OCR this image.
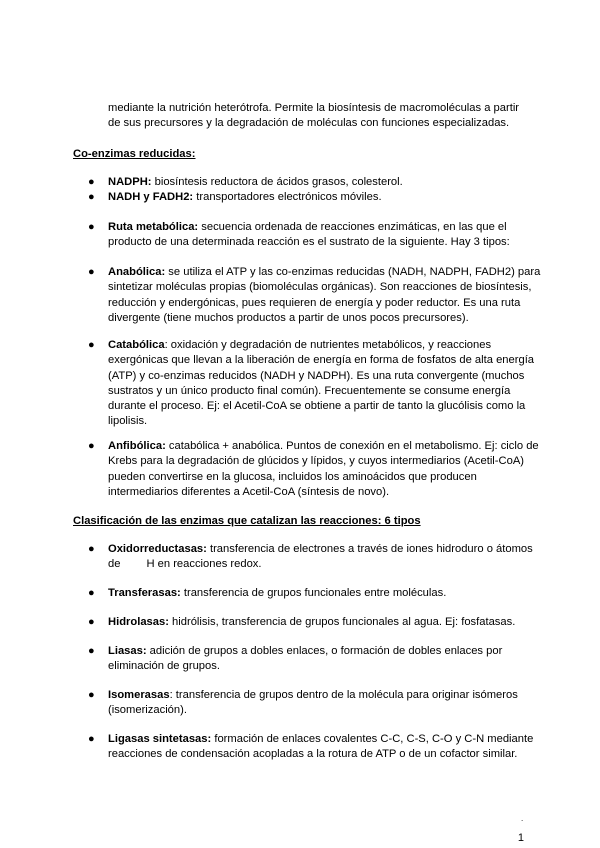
mediante la nutrición heterótrofa. Permite la biosíntesis de macromoléculas a partir
de sus precursores y la degradación de moléculas con funciones especializadas.
Co-enzimas reducidas:
● NADPH: biosíntesis reductora de ácidos grasos, colesterol.
● NADH y FADH2: transportadores electrónicos móviles.
● Ruta metabólica: secuencia ordenada de reacciones enzimáticas, en las que el producto de una determinada reacción es el sustrato de la siguiente. Hay 3 tipos:
● Anabólica: se utiliza el ATP y las co-enzimas reducidas (NADH, NADPH, FADH2) para sintetizar moléculas propias (biomoléculas orgánicas). Son reacciones de biosíntesis, reducción y endergónicas, pues requieren de energía y poder reductor. Es una ruta divergente (tiene muchos productos a partir de unos pocos precursores).
● Catabólica: oxidación y degradación de nutrientes metabólicos, y reacciones exergónicas que llevan a la liberación de energía en forma de fosfatos de alta energía (ATP) y co-enzimas reducidos (NADH y NADPH). Es una ruta convergente (muchos sustratos y un único producto final común). Frecuentemente se consume energía durante el proceso. Ej: el Acetil-CoA se obtiene a partir de tanto la glucólisis como la lipolisis.
● Anfibólica: catabólica + anabólica. Puntos de conexión en el metabolismo. Ej: ciclo de Krebs para la degradación de glúcidos y lípidos, y cuyos intermediarios (Acetil-CoA) pueden convertirse en la glucosa, incluidos los aminoácidos que producen intermediarios diferentes a Acetil-CoA (síntesis de novo).
Clasificación de las enzimas que catalizan las reacciones: 6 tipos
● Oxidorreductasas: transferencia de electrones a través de iones hidroduro o átomos de H en reacciones redox.
● Transferasas: transferencia de grupos funcionales entre moléculas.
● Hidrolasas: hidrólisis, transferencia de grupos funcionales al agua. Ej: fosfatasas.
● Liasas: adición de grupos a dobles enlaces, o formación de dobles enlaces por eliminación de grupos.
● Isomerasas: transferencia de grupos dentro de la molécula para originar isómeros (isomerización).
● Ligasas sintetasas: formación de enlaces covalentes C-C, C-S, C-O y C-N mediante reacciones de condensación acopladas a la rotura de ATP o de un cofactor similar.
.
1
